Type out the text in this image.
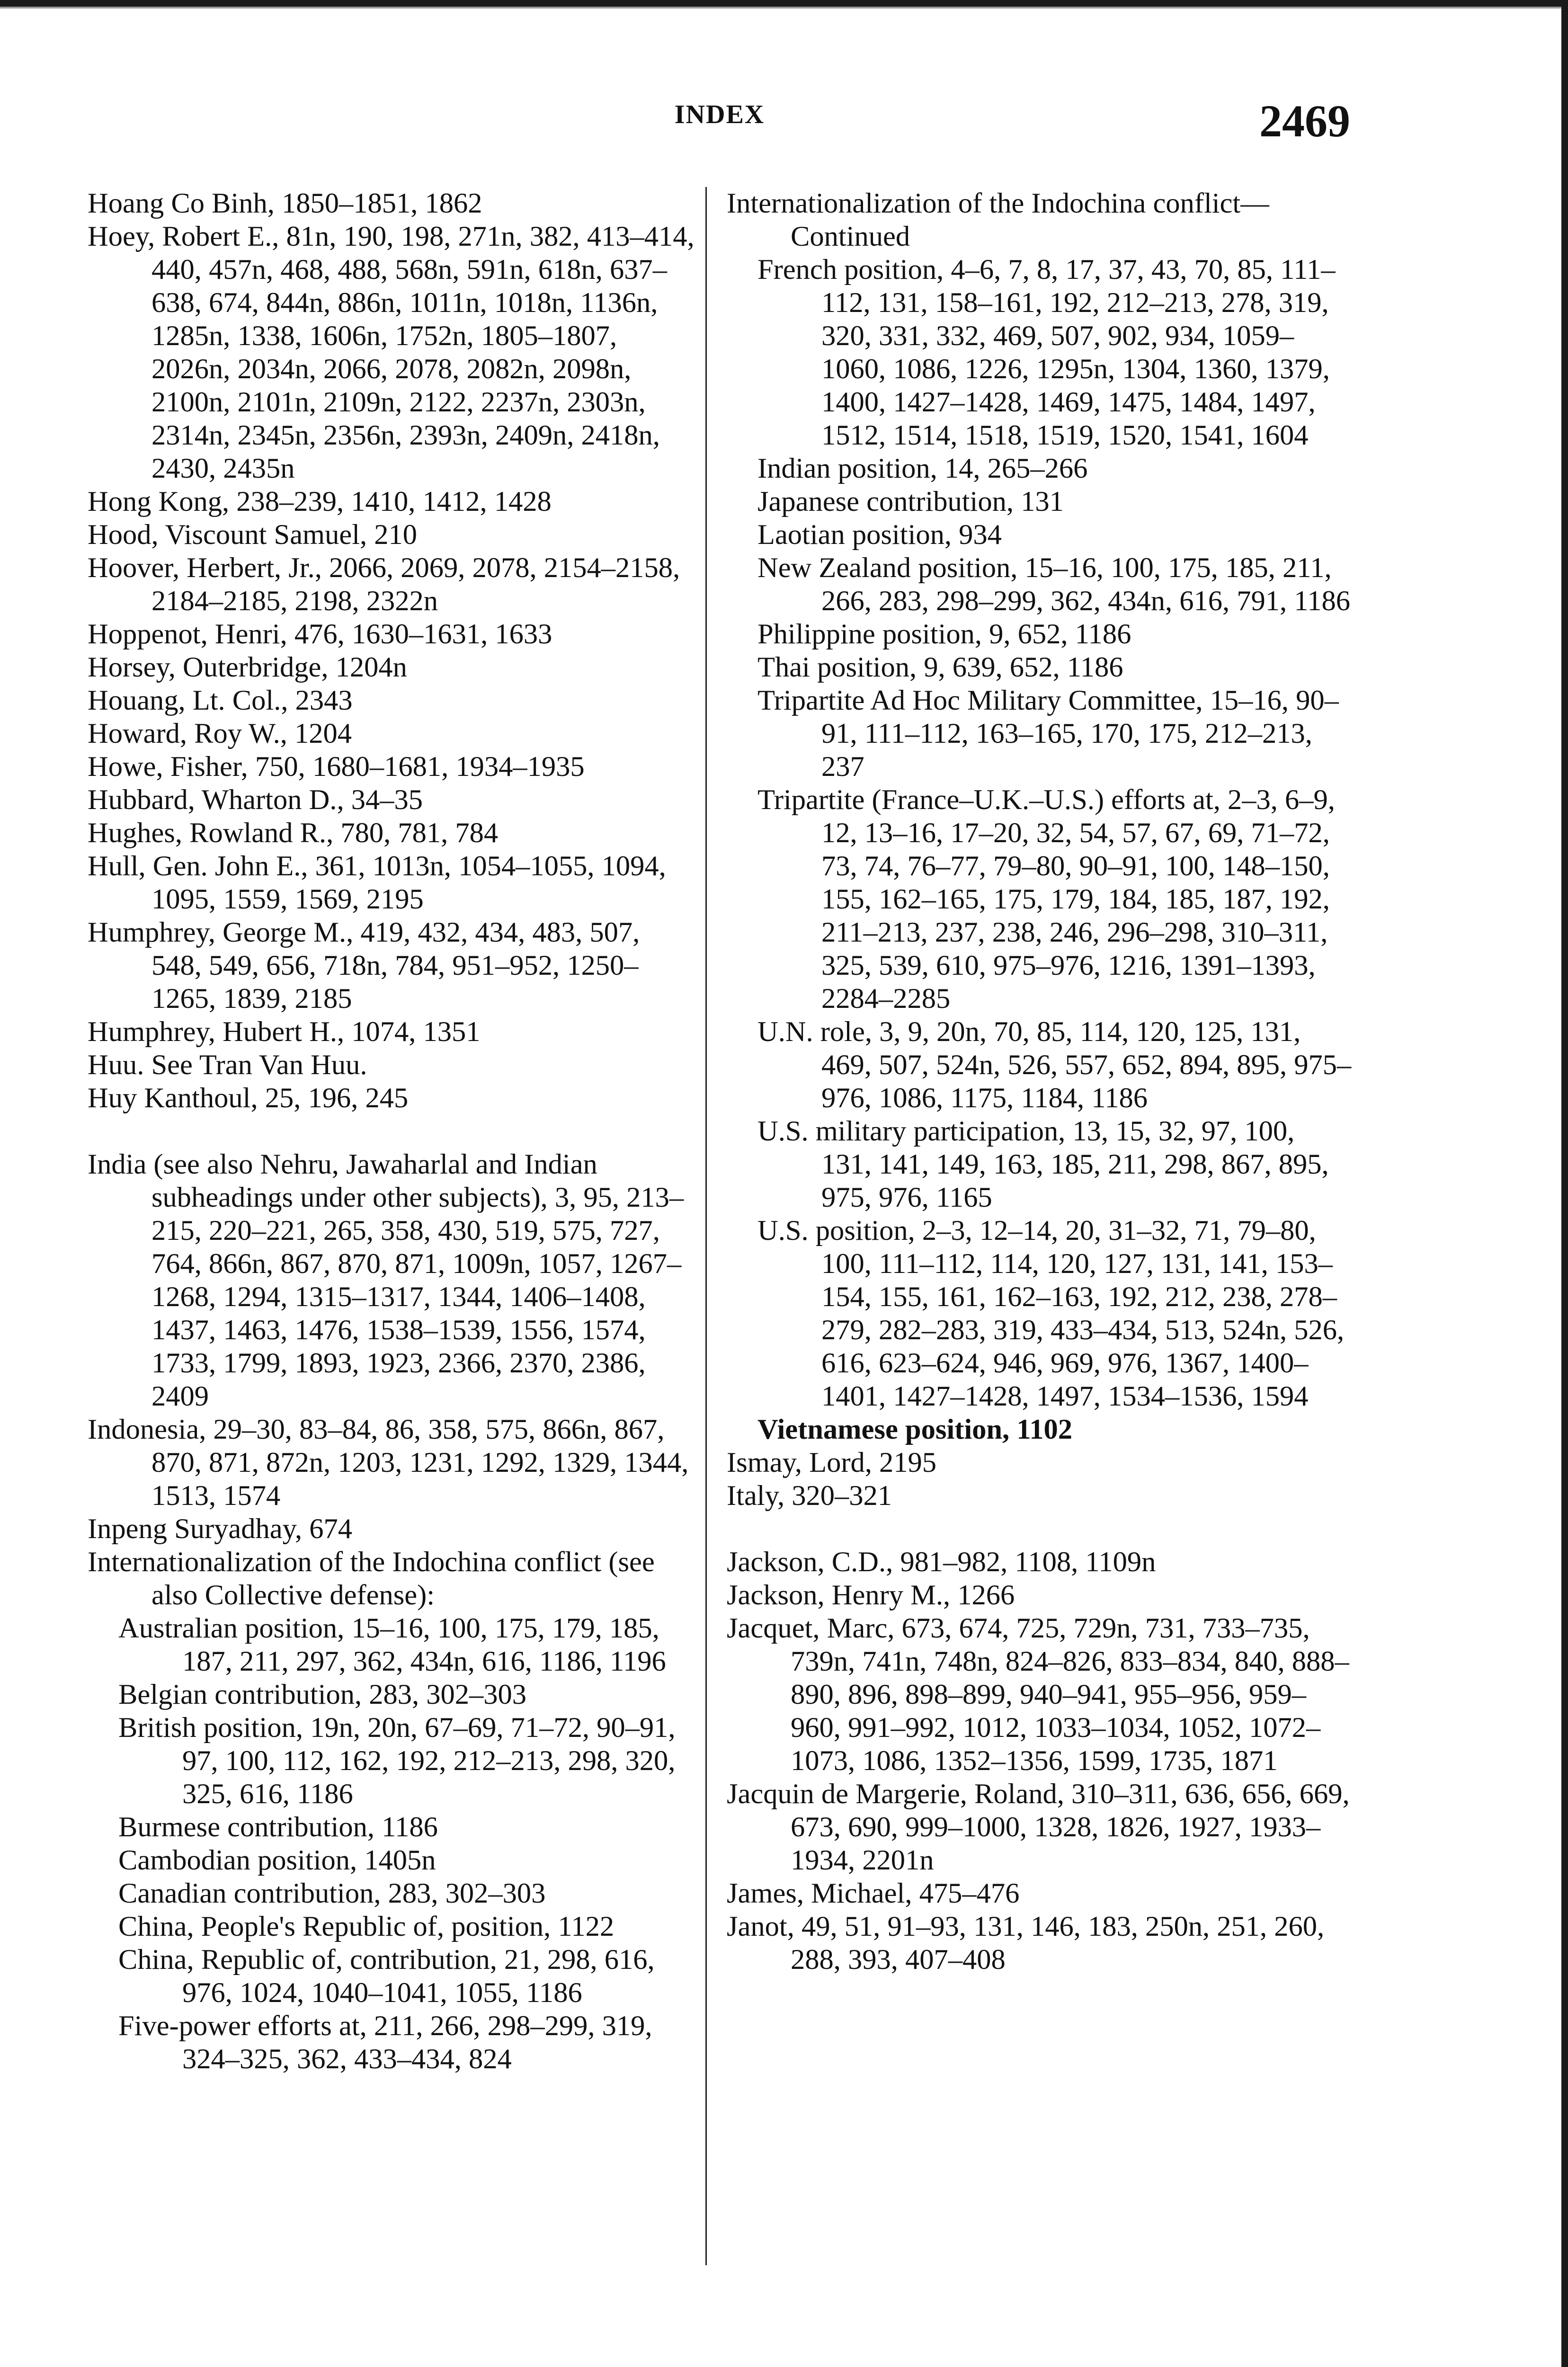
INDEX	2469
Hoang Co Binh, 1850–1851, 1862
Hoey, Robert E., 81n, 190, 198, 271n, 382, 413–414, 440, 457n, 468, 488, 568n, 591n, 618n, 637–638, 674, 844n, 886n, 1011n, 1018n, 1136n, 1285n, 1338, 1606n, 1752n, 1805–1807, 2026n, 2034n, 2066, 2078, 2082n, 2098n, 2100n, 2101n, 2109n, 2122, 2237n, 2303n, 2314n, 2345n, 2356n, 2393n, 2409n, 2418n, 2430, 2435n
Hong Kong, 238–239, 1410, 1412, 1428
Hood, Viscount Samuel, 210
Hoover, Herbert, Jr., 2066, 2069, 2078, 2154–2158, 2184–2185, 2198, 2322n
Hoppenot, Henri, 476, 1630–1631, 1633
Horsey, Outerbridge, 1204n
Houang, Lt. Col., 2343
Howard, Roy W., 1204
Howe, Fisher, 750, 1680–1681, 1934–1935
Hubbard, Wharton D., 34–35
Hughes, Rowland R., 780, 781, 784
Hull, Gen. John E., 361, 1013n, 1054–1055, 1094, 1095, 1559, 1569, 2195
Humphrey, George M., 419, 432, 434, 483, 507, 548, 549, 656, 718n, 784, 951–952, 1250–1265, 1839, 2185
Humphrey, Hubert H., 1074, 1351
Huu. See Tran Van Huu.
Huy Kanthoul, 25, 196, 245
India (see also Nehru, Jawaharlal and Indian subheadings under other subjects), 3, 95, 213–215, 220–221, 265, 358, 430, 519, 575, 727, 764, 866n, 867, 870, 871, 1009n, 1057, 1267–1268, 1294, 1315–1317, 1344, 1406–1408, 1437, 1463, 1476, 1538–1539, 1556, 1574, 1733, 1799, 1893, 1923, 2366, 2370, 2386, 2409
Indonesia, 29–30, 83–84, 86, 358, 575, 866n, 867, 870, 871, 872n, 1203, 1231, 1292, 1329, 1344, 1513, 1574
Inpeng Suryadhay, 674
Internationalization of the Indochina conflict (see also Collective defense):
Australian position, 15–16, 100, 175, 179, 185, 187, 211, 297, 362, 434n, 616, 1186, 1196
Belgian contribution, 283, 302–303
British position, 19n, 20n, 67–69, 71–72, 90–91, 97, 100, 112, 162, 192, 212–213, 298, 320, 325, 616, 1186
Burmese contribution, 1186
Cambodian position, 1405n
Canadian contribution, 283, 302–303
China, People's Republic of, position, 1122
China, Republic of, contribution, 21, 298, 616, 976, 1024, 1040–1041, 1055, 1186
Five-power efforts at, 211, 266, 298–299, 319, 324–325, 362, 433–434, 824
Internationalization of the Indochina conflict—Continued
French position, 4–6, 7, 8, 17, 37, 43, 70, 85, 111–112, 131, 158–161, 192, 212–213, 278, 319, 320, 331, 332, 469, 507, 902, 934, 1059–1060, 1086, 1226, 1295n, 1304, 1360, 1379, 1400, 1427–1428, 1469, 1475, 1484, 1497, 1512, 1514, 1518, 1519, 1520, 1541, 1604
Indian position, 14, 265–266
Japanese contribution, 131
Laotian position, 934
New Zealand position, 15–16, 100, 175, 185, 211, 266, 283, 298–299, 362, 434n, 616, 791, 1186
Philippine position, 9, 652, 1186
Thai position, 9, 639, 652, 1186
Tripartite Ad Hoc Military Committee, 15–16, 90–91, 111–112, 163–165, 170, 175, 212–213, 237
Tripartite (France–U.K.–U.S.) efforts at, 2–3, 6–9, 12, 13–16, 17–20, 32, 54, 57, 67, 69, 71–72, 73, 74, 76–77, 79–80, 90–91, 100, 148–150, 155, 162–165, 175, 179, 184, 185, 187, 192, 211–213, 237, 238, 246, 296–298, 310–311, 325, 539, 610, 975–976, 1216, 1391–1393, 2284–2285
U.N. role, 3, 9, 20n, 70, 85, 114, 120, 125, 131, 469, 507, 524n, 526, 557, 652, 894, 895, 975–976, 1086, 1175, 1184, 1186
U.S. military participation, 13, 15, 32, 97, 100, 131, 141, 149, 163, 185, 211, 298, 867, 895, 975, 976, 1165
U.S. position, 2–3, 12–14, 20, 31–32, 71, 79–80, 100, 111–112, 114, 120, 127, 131, 141, 153–154, 155, 161, 162–163, 192, 212, 238, 278–279, 282–283, 319, 433–434, 513, 524n, 526, 616, 623–624, 946, 969, 976, 1367, 1400–1401, 1427–1428, 1497, 1534–1536, 1594
Vietnamese position, 1102
Ismay, Lord, 2195
Italy, 320–321
Jackson, C.D., 981–982, 1108, 1109n
Jackson, Henry M., 1266
Jacquet, Marc, 673, 674, 725, 729n, 731, 733–735, 739n, 741n, 748n, 824–826, 833–834, 840, 888–890, 896, 898–899, 940–941, 955–956, 959–960, 991–992, 1012, 1033–1034, 1052, 1072–1073, 1086, 1352–1356, 1599, 1735, 1871
Jacquin de Margerie, Roland, 310–311, 636, 656, 669, 673, 690, 999–1000, 1328, 1826, 1927, 1933–1934, 2201n
James, Michael, 475–476
Janot, 49, 51, 91–93, 131, 146, 183, 250n, 251, 260, 288, 393, 407–408
